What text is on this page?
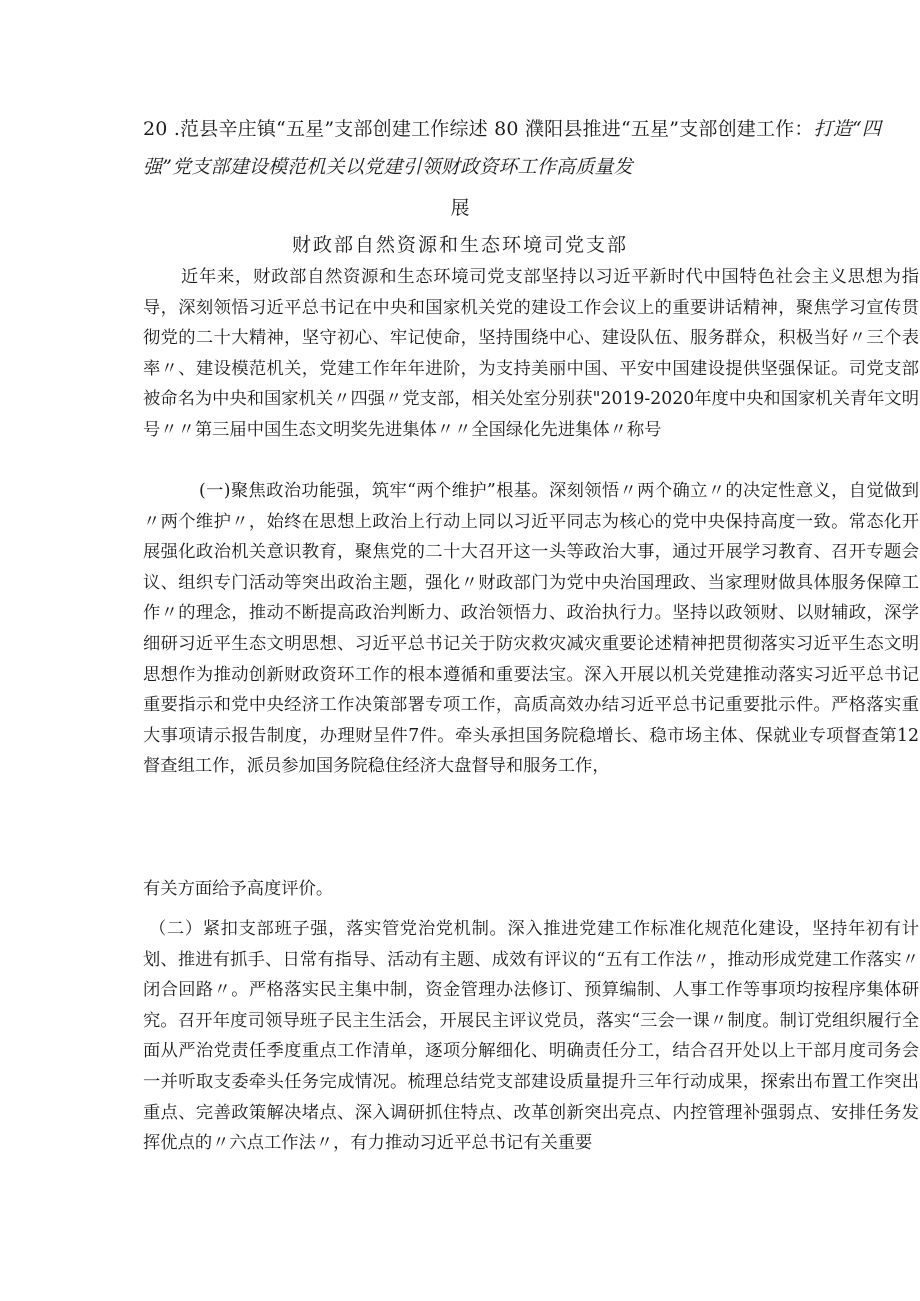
20 .范县辛庄镇“五星”支部创建工作综述 80 濮阳县推进“五星”支部创建工作：打造“四强”党支部建设模范机关以党建引领财政资环工作高质量发
展
财政部自然资源和生态环境司党支部

近年来，财政部自然资源和生态环境司党支部坚持以习近平新时代中国特色社会主义思想为指导，深刻领悟习近平总书记在中央和国家机关党的建设工作会议上的重要讲话精神，聚焦学习宣传贯彻党的二十大精神，坚守初心、牢记使命，坚持围绕中心、建设队伍、服务群众，积极当好〃三个表率〃、建设模范机关，党建工作年年进阶，为支持美丽中国、平安中国建设提供坚强保证。司党支部被命名为中央和国家机关〃四强〃党支部，相关处室分别获"2019-2020年度中央和国家机关青年文明号〃〃第三届中国生态文明奖先进集体〃〃全国绿化先进集体〃称号

(一)聚焦政治功能强，筑牢“两个维护”根基。深刻领悟〃两个确立〃的决定性意义，自觉做到〃两个维护〃，始终在思想上政治上行动上同以习近平同志为核心的党中央保持高度一致。常态化开展强化政治机关意识教育，聚焦党的二十大召开这一头等政治大事，通过开展学习教育、召开专题会议、组织专门活动等突出政治主题，强化〃财政部门为党中央治国理政、当家理财做具体服务保障工作〃的理念，推动不断提高政治判断力、政治领悟力、政治执行力。坚持以政领财、以财辅政，深学细研习近平生态文明思想、习近平总书记关于防灾救灾减灾重要论述精神把贯彻落实习近平生态文明思想作为推动创新财政资环工作的根本遵循和重要法宝。深入开展以机关党建推动落实习近平总书记重要指示和党中央经济工作决策部署专项工作，高质高效办结习近平总书记重要批示件。严格落实重大事项请示报告制度，办理财呈件7件。牵头承担国务院稳增长、稳市场主体、保就业专项督查第12督查组工作，派员参加国务院稳住经济大盘督导和服务工作，

有关方面给予高度评价。

（二）紧扣支部班子强，落实管党治党机制。深入推进党建工作标准化规范化建设，坚持年初有计划、推进有抓手、日常有指导、活动有主题、成效有评议的“五有工作法〃，推动形成党建工作落实〃闭合回路〃。严格落实民主集中制，资金管理办法修订、预算编制、人事工作等事项均按程序集体研究。召开年度司领导班子民主生活会，开展民主评议党员，落实“三会一课〃制度。制订党组织履行全面从严治党责任季度重点工作清单，逐项分解细化、明确责任分工，结合召开处以上干部月度司务会一并听取支委牵头任务完成情况。梳理总结党支部建设质量提升三年行动成果，探索出布置工作突出重点、完善政策解决堵点、深入调研抓住特点、改革创新突出亮点、内控管理补强弱点、安排任务发挥优点的〃六点工作法〃，有力推动习近平总书记有关重要
